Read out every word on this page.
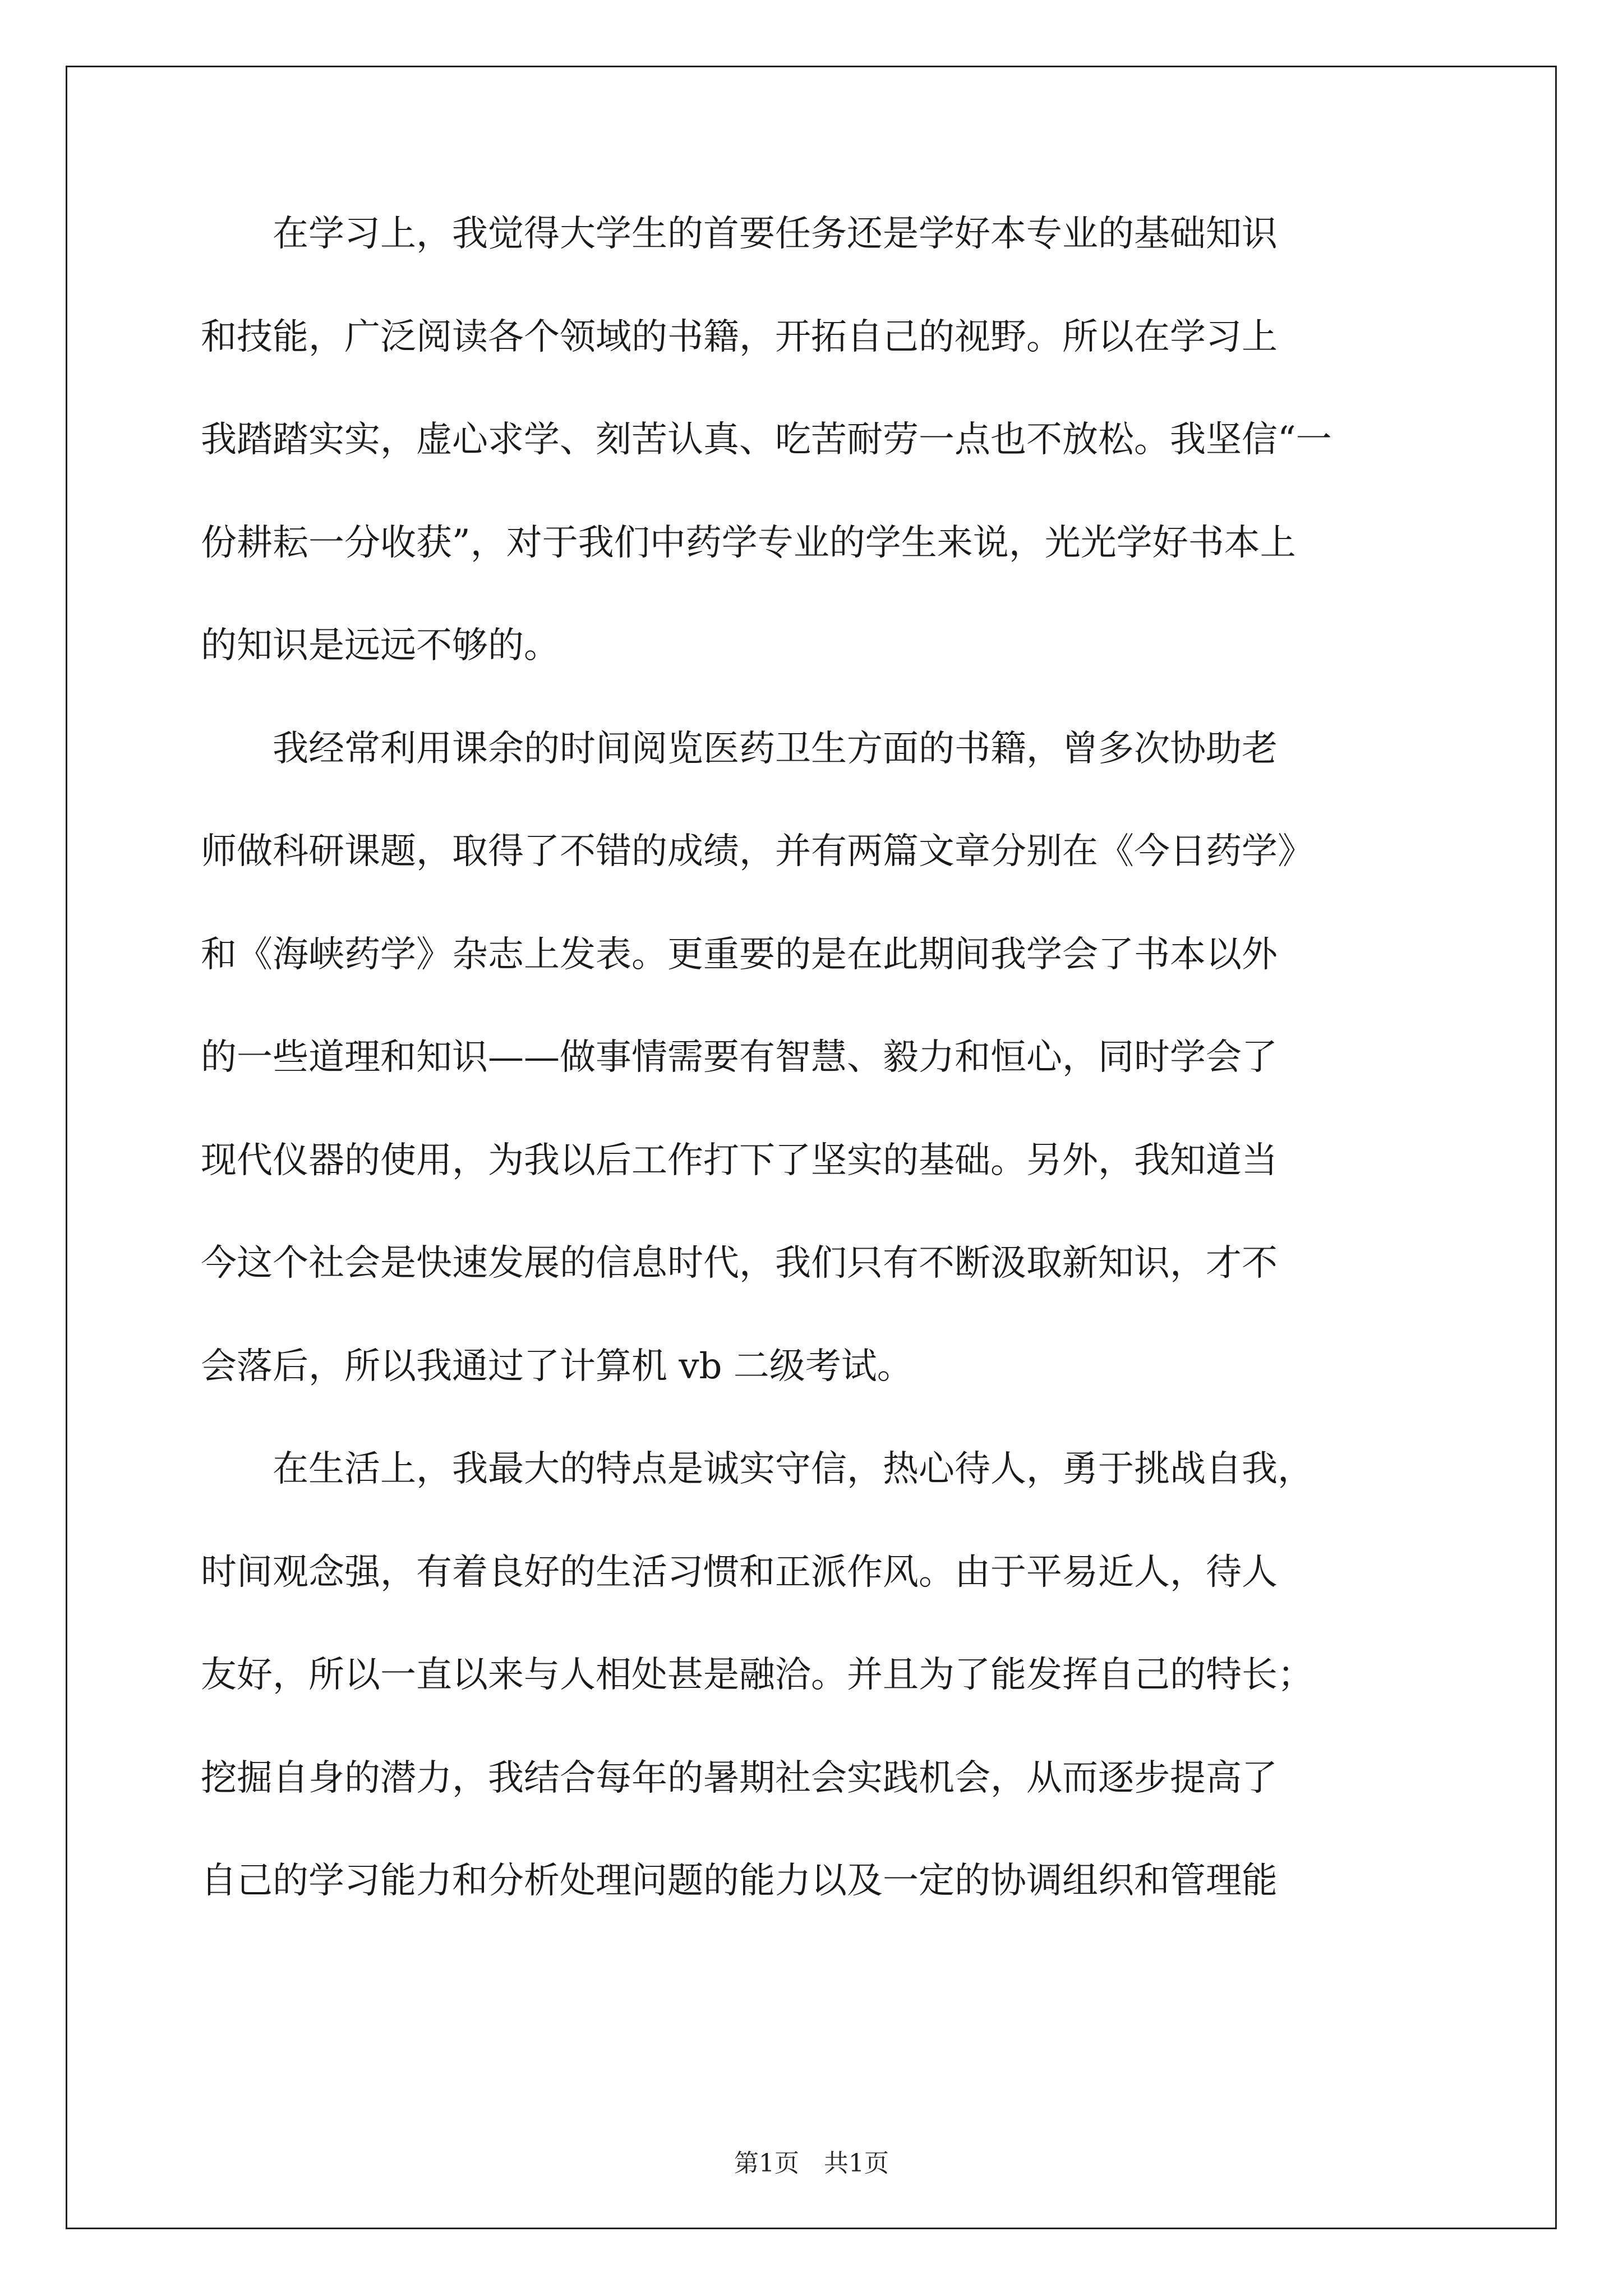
　　在学习上，我觉得大学生的首要任务还是学好本专业的基础知识
和技能，广泛阅读各个领域的书籍，开拓自己的视野。所以在学习上
我踏踏实实，虚心求学、刻苦认真、吃苦耐劳一点也不放松。我坚信“一
份耕耘一分收获”，对于我们中药学专业的学生来说，光光学好书本上
的知识是远远不够的。

　　我经常利用课余的时间阅览医药卫生方面的书籍，曾多次协助老
师做科研课题，取得了不错的成绩，并有两篇文章分别在《今日药学》
和《海峡药学》杂志上发表。更重要的是在此期间我学会了书本以外
的一些道理和知识——做事情需要有智慧、毅力和恒心，同时学会了
现代仪器的使用，为我以后工作打下了坚实的基础。另外，我知道当
今这个社会是快速发展的信息时代，我们只有不断汲取新知识，才不
会落后，所以我通过了计算机 vb 二级考试。

　　在生活上，我最大的特点是诚实守信，热心待人，勇于挑战自我，
时间观念强，有着良好的生活习惯和正派作风。由于平易近人，待人
友好，所以一直以来与人相处甚是融洽。并且为了能发挥自己的特长；
挖掘自身的潜力，我结合每年的暑期社会实践机会，从而逐步提高了
自己的学习能力和分析处理问题的能力以及一定的协调组织和管理能

第1页　共1页
